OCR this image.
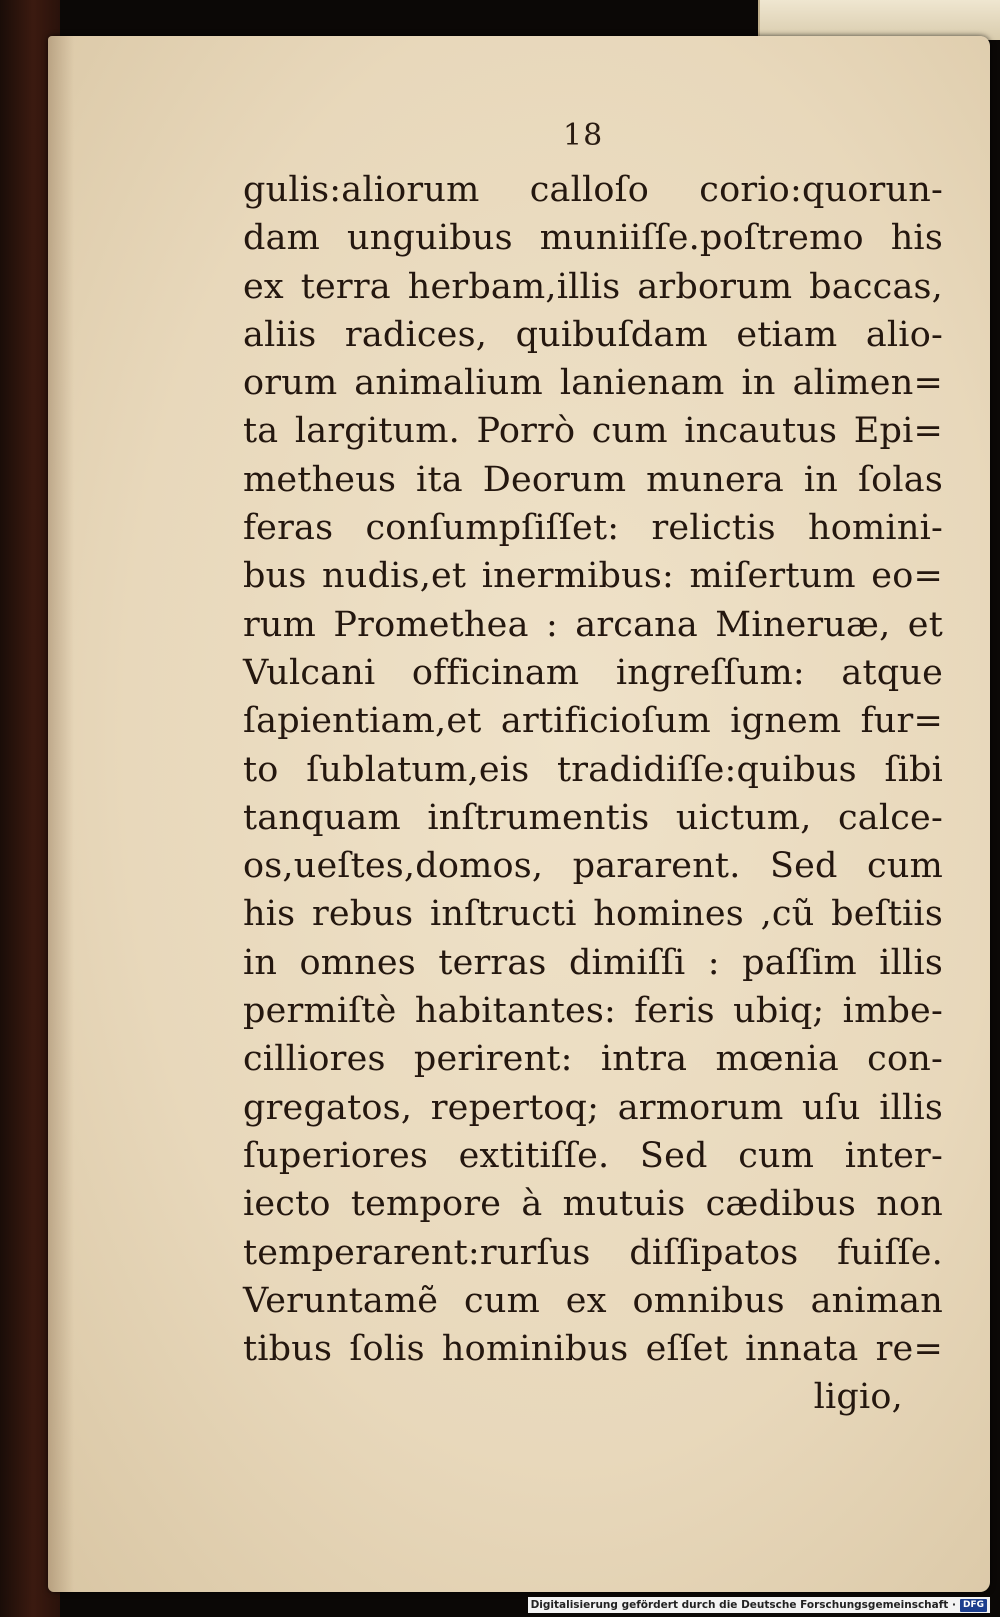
18
gulis:aliorum calloſo corio:quorun-
dam unguibus muniiſſe.poſtremo his
ex terra herbam,illis arborum baccas,
aliis radices, quibuſdam etiam alio-
orum animalium lanienam in alimen=
ta largitum. Porrò cum incautus Epi=
metheus ita Deorum munera in ſolas
feras conſumpſiſſet: relictis homini-
bus nudis,et inermibus: miſertum eo=
rum Promethea : arcana Mineruæ, et
Vulcani officinam ingreſſum: atque
ſapientiam,et artificioſum ignem fur=
to ſublatum,eis tradidiſſe:quibus ſibi
tanquam inſtrumentis uictum, calce-
os,ueſtes,domos, pararent. Sed cum
his rebus inſtructi homines ,cũ beſtiis
in omnes terras dimiſſi : paſſim illis
permiſtè habitantes: feris ubiq; imbe-
cilliores perirent: intra mœnia con-
gregatos, repertoq; armorum uſu illis
ſuperiores extitiſſe. Sed cum inter-
iecto tempore à mutuis cædibus non
temperarent:rurſus diſſipatos fuiſſe.
Veruntamẽ cum ex omnibus animan
tibus ſolis hominibus eſſet innata re=
ligio,
Digitalisierung gefördert durch die Deutsche Forschungsgemeinschaft · DFG
